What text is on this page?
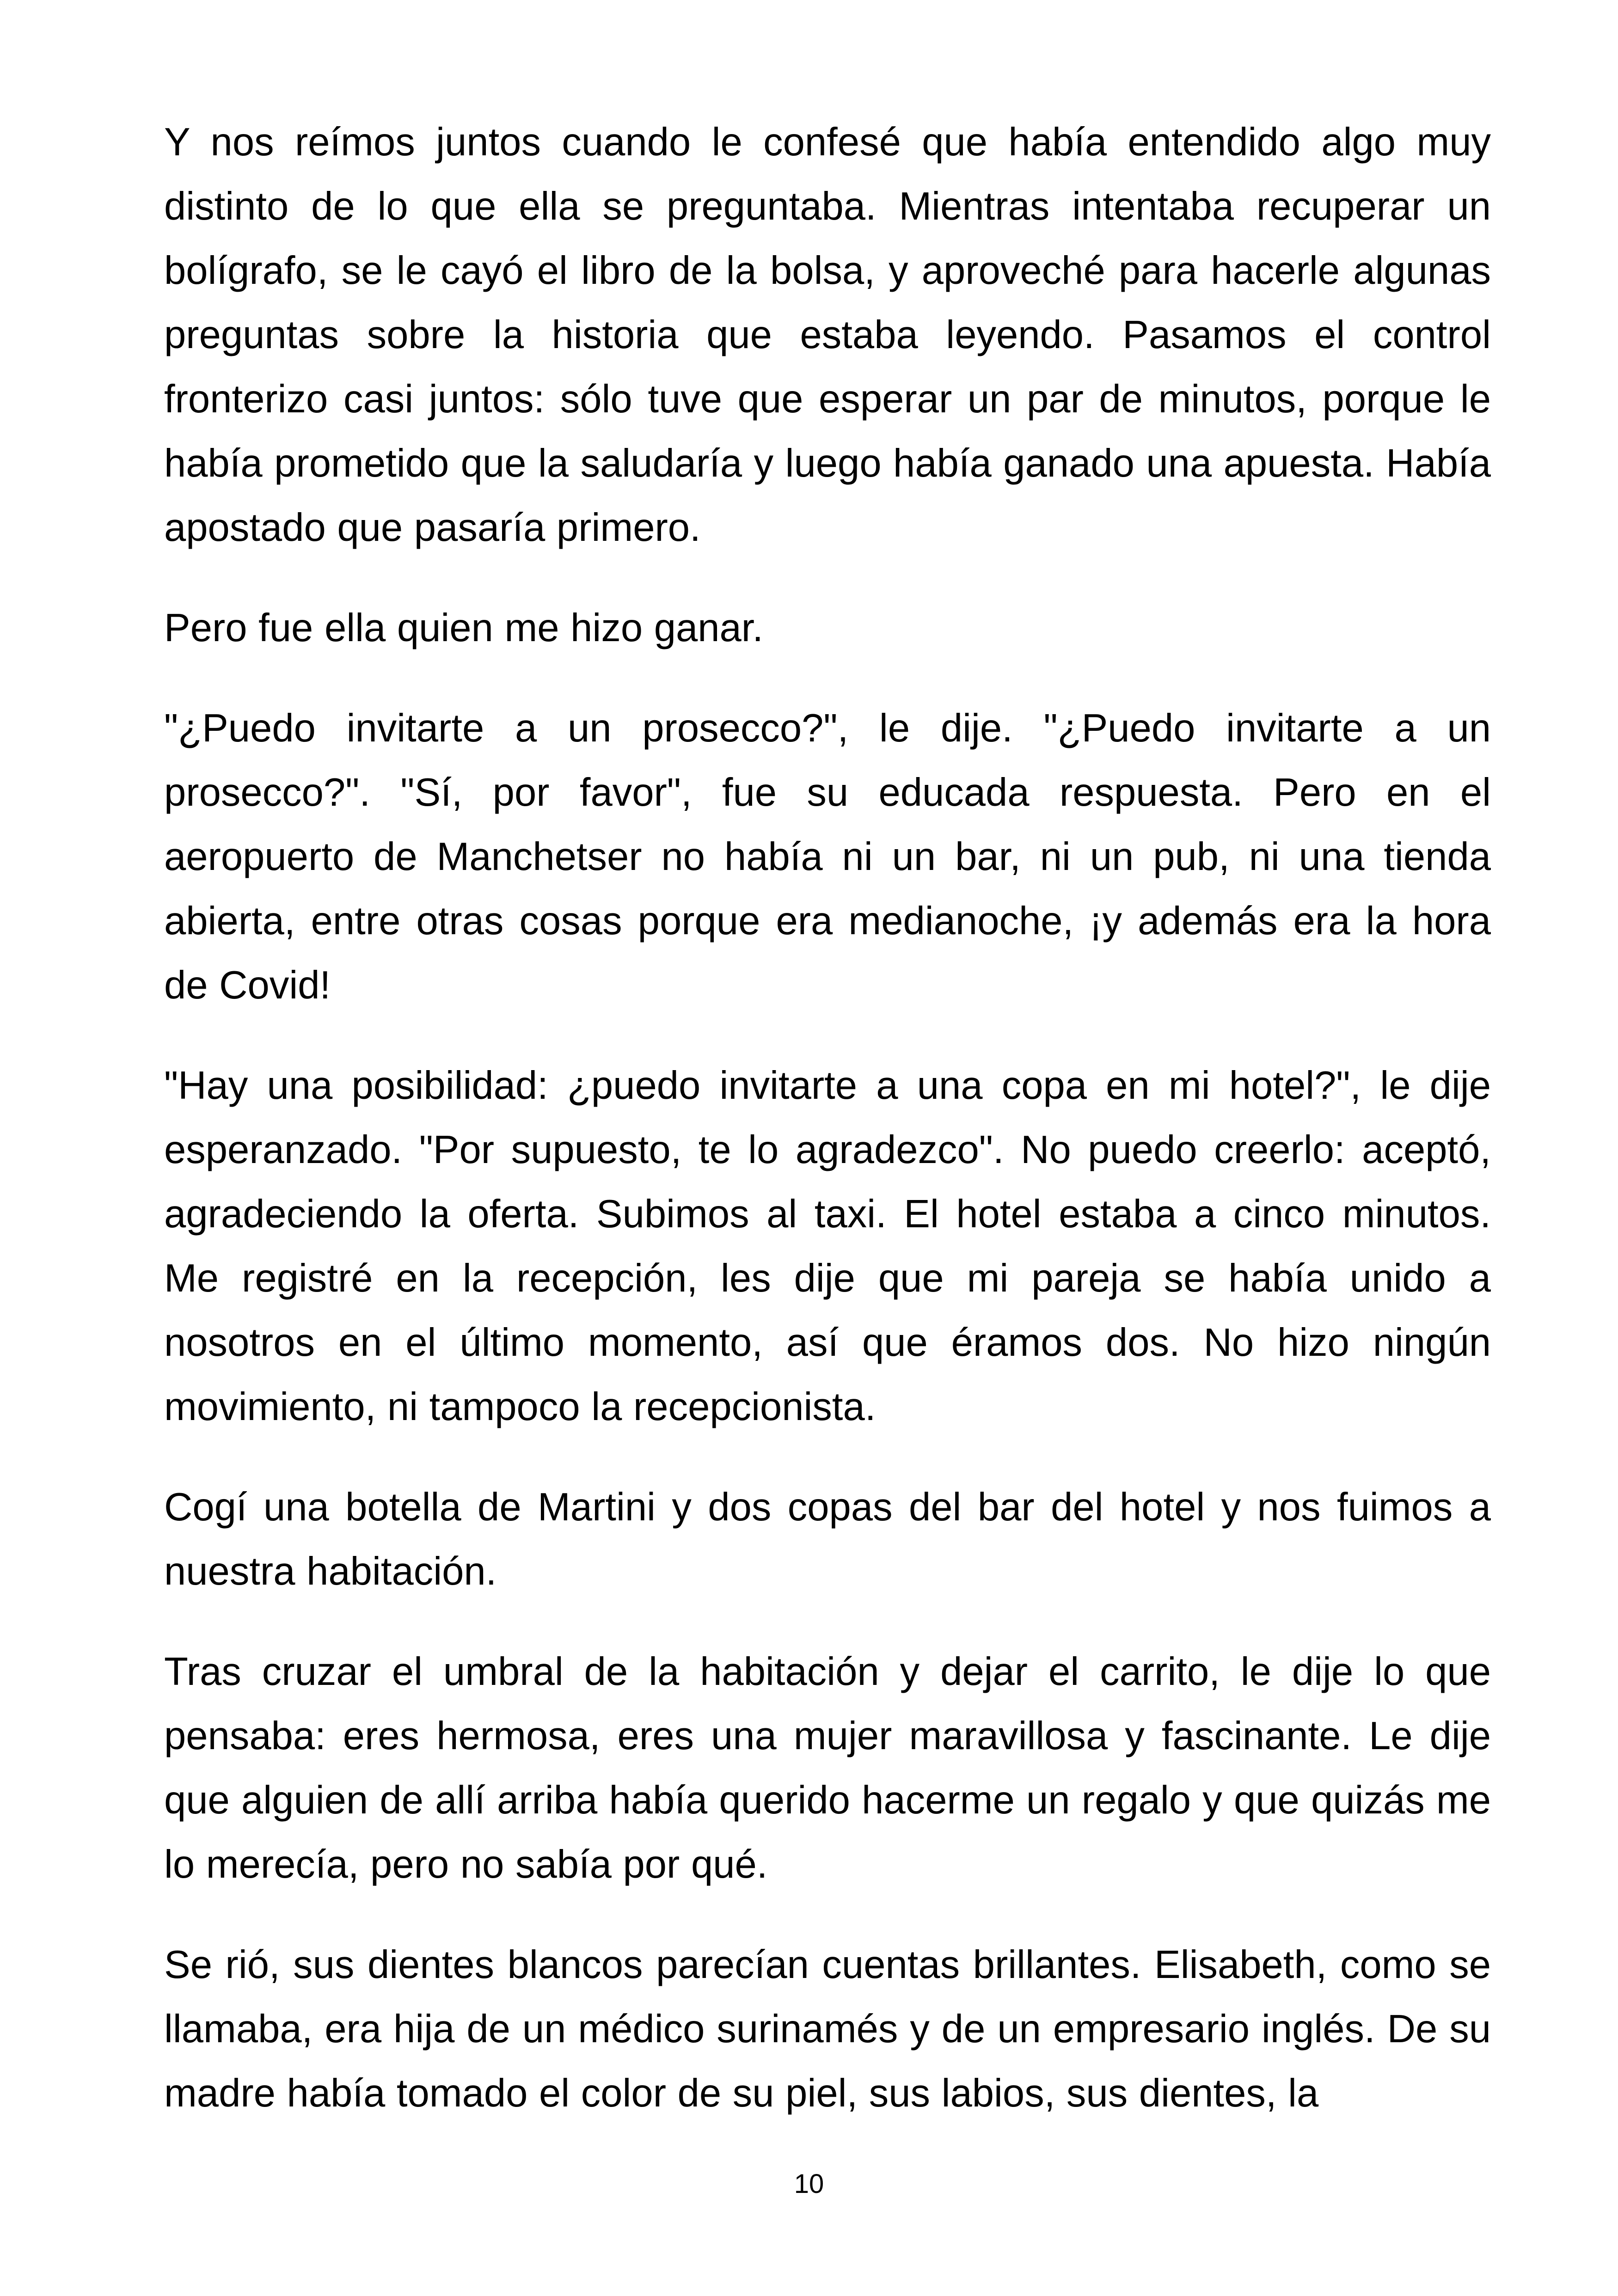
Y nos reímos juntos cuando le confesé que había entendido algo muy distinto de lo que ella se preguntaba. Mientras intentaba recuperar un bolígrafo, se le cayó el libro de la bolsa, y aproveché para hacerle algunas preguntas sobre la historia que estaba leyendo. Pasamos el control fronterizo casi juntos: sólo tuve que esperar un par de minutos, porque le había prometido que la saludaría y luego había ganado una apuesta. Había apostado que pasaría primero.

Pero fue ella quien me hizo ganar.

"¿Puedo invitarte a un prosecco?", le dije. "¿Puedo invitarte a un prosecco?". "Sí, por favor", fue su educada respuesta. Pero en el aeropuerto de Manchetser no había ni un bar, ni un pub, ni una tienda abierta, entre otras cosas porque era medianoche, ¡y además era la hora de Covid!

"Hay una posibilidad: ¿puedo invitarte a una copa en mi hotel?", le dije esperanzado. "Por supuesto, te lo agradezco". No puedo creerlo: aceptó, agradeciendo la oferta. Subimos al taxi. El hotel estaba a cinco minutos. Me registré en la recepción, les dije que mi pareja se había unido a nosotros en el último momento, así que éramos dos. No hizo ningún movimiento, ni tampoco la recepcionista.

Cogí una botella de Martini y dos copas del bar del hotel y nos fuimos a nuestra habitación.

Tras cruzar el umbral de la habitación y dejar el carrito, le dije lo que pensaba: eres hermosa, eres una mujer maravillosa y fascinante. Le dije que alguien de allí arriba había querido hacerme un regalo y que quizás me lo merecía, pero no sabía por qué.

Se rió, sus dientes blancos parecían cuentas brillantes. Elisabeth, como se llamaba, era hija de un médico surinamés y de un empresario inglés. De su madre había tomado el color de su piel, sus labios, sus dientes, la

10
